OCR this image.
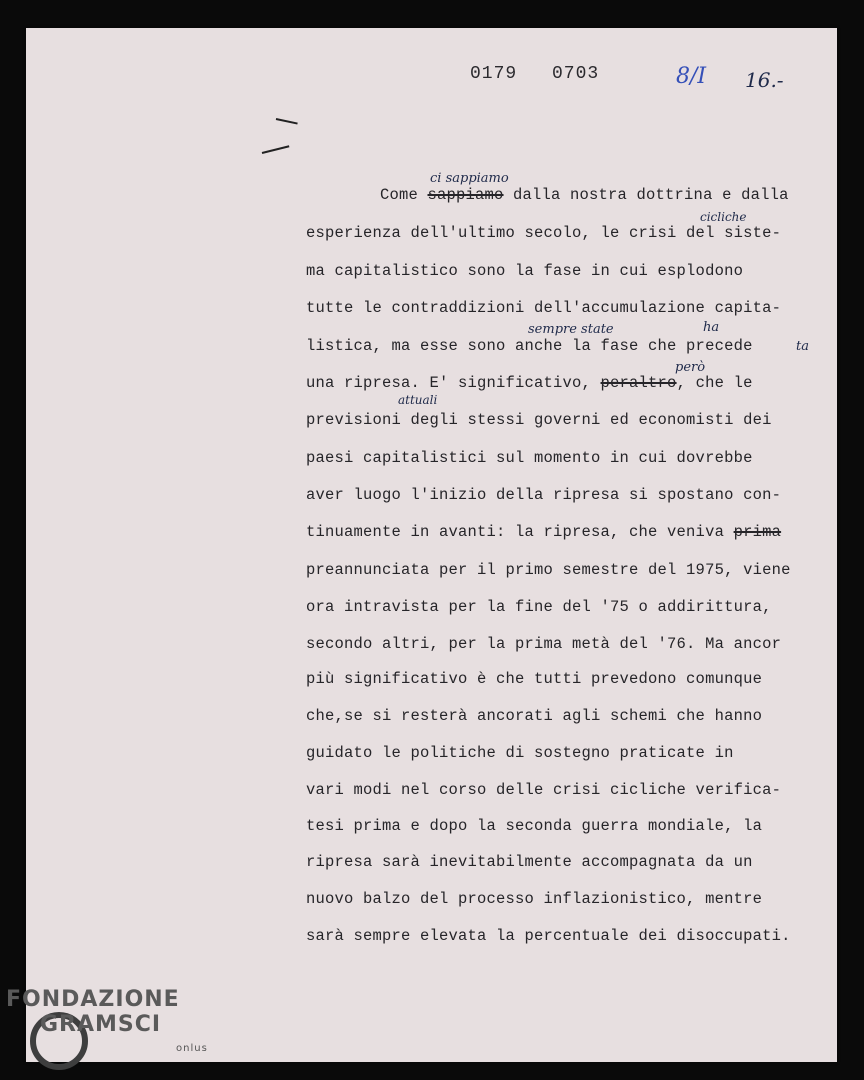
0179 0703	8/I 16.-
ci sappiamo
cicliche
sempre state	ha
ta
però
attuali
Come sappiamo dalla nostra dottrina e dalla
esperienza dell'ultimo secolo, le crisi del siste-
ma capitalistico sono la fase in cui esplodono
tutte le contraddizioni dell'accumulazione capita-
listica, ma esse sono anche la fase che precede
una ripresa. E' significativo, peraltro, che le
previsioni degli stessi governi ed economisti dei
paesi capitalistici sul momento in cui dovrebbe
aver luogo l'inizio della ripresa si spostano con-
tinuamente in avanti: la ripresa, che veniva prima
preannunciata per il primo semestre del 1975, viene
ora intravista per la fine del '75 o addirittura,
secondo altri, per la prima metà del '76. Ma ancor
più significativo è che tutti prevedono comunque
che,se si resterà ancorati agli schemi che hanno
guidato le politiche di sostegno praticate in
vari modi nel corso delle crisi cicliche verifica-
tesi prima e dopo la seconda guerra mondiale, la
ripresa sarà inevitabilmente accompagnata da un
nuovo balzo del processo inflazionistico, mentre
sarà sempre elevata la percentuale dei disoccupati.
FONDAZIONE
GRAMSCI
onlus
